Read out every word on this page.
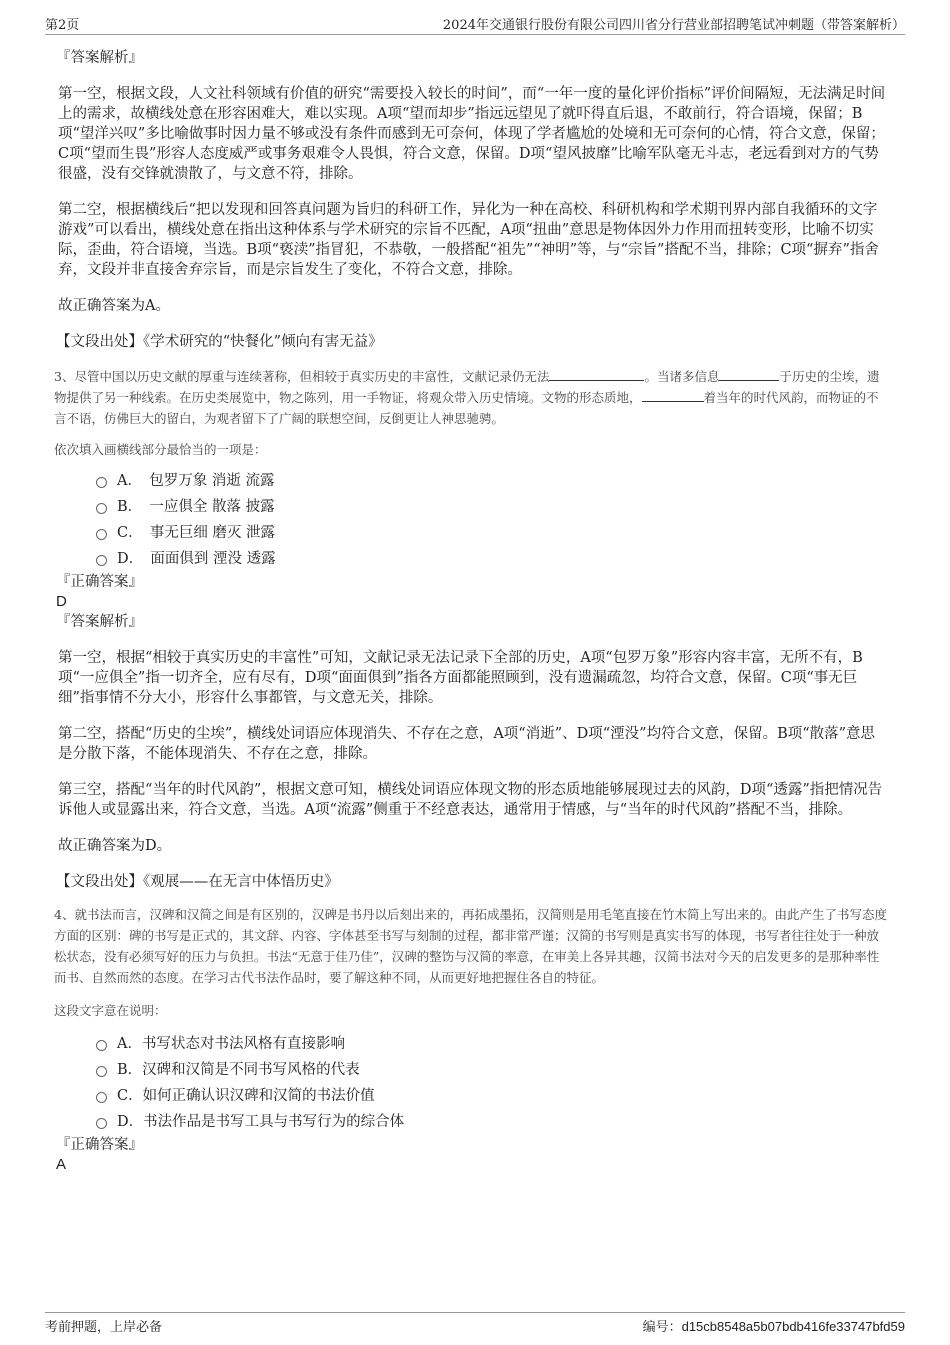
第2页	2024年交通银行股份有限公司四川省分行营业部招聘笔试冲刺题（带答案解析）

『答案解析』

第一空，根据文段，人文社科领域有价值的研究“需要投入较长的时间”，而“一年一度的量化评价指标”评价间隔短，无法满足时间上的需求，故横线处意在形容困难大，难以实现。A项“望而却步”指远远望见了就吓得直后退，不敢前行，符合语境，保留；B项“望洋兴叹”多比喻做事时因力量不够或没有条件而感到无可奈何，体现了学者尴尬的处境和无可奈何的心情，符合文意，保留；C项“望而生畏”形容人态度威严或事务艰难令人畏惧，符合文意，保留。D项“望风披靡”比喻军队毫无斗志，老远看到对方的气势很盛，没有交锋就溃散了，与文意不符，排除。

第二空，根据横线后“把以发现和回答真问题为旨归的科研工作，异化为一种在高校、科研机构和学术期刊界内部自我循环的文字游戏”可以看出，横线处意在指出这种体系与学术研究的宗旨不匹配，A项“扭曲”意思是物体因外力作用而扭转变形，比喻不切实际，歪曲，符合语境，当选。B项“亵渎”指冒犯，不恭敬，一般搭配“祖先”“神明”等，与“宗旨”搭配不当，排除；C项“摒弃”指舍弃，文段并非直接舍弃宗旨，而是宗旨发生了变化，不符合文意，排除。

故正确答案为A。

【文段出处】《学术研究的“快餐化”倾向有害无益》

3、尽管中国以历史文献的厚重与连续著称，但相较于真实历史的丰富性，文献记录仍无法	。当诸多信息	于历史的尘埃，遗物提供了另一种线索。在历史类展览中，物之陈列，用一手物证，将观众带入历史情境。文物的形态质地，	着当年的时代风韵，而物证的不言不语，仿佛巨大的留白，为观者留下了广阔的联想空间，反倒更让人神思驰骋。

依次填入画横线部分最恰当的一项是：

A．　包罗万象 消逝 流露
B．　一应俱全 散落 披露
C．　事无巨细 磨灭 泄露
D．　面面俱到 湮没 透露

『正确答案』

D

『答案解析』

第一空，根据“相较于真实历史的丰富性”可知，文献记录无法记录下全部的历史，A项“包罗万象”形容内容丰富，无所不有，B项“一应俱全”指一切齐全，应有尽有，D项“面面俱到”指各方面都能照顾到，没有遗漏疏忽，均符合文意，保留。C项“事无巨细”指事情不分大小，形容什么事都管，与文意无关，排除。

第二空，搭配“历史的尘埃”，横线处词语应体现消失、不存在之意，A项“消逝”、D项“湮没”均符合文意，保留。B项“散落”意思是分散下落，不能体现消失、不存在之意，排除。

第三空，搭配“当年的时代风韵”，根据文意可知，横线处词语应体现文物的形态质地能够展现过去的风韵，D项“透露”指把情况告诉他人或显露出来，符合文意，当选。A项“流露”侧重于不经意表达，通常用于情感，与“当年的时代风韵”搭配不当，排除。

故正确答案为D。

【文段出处】《观展——在无言中体悟历史》

4、就书法而言，汉碑和汉简之间是有区别的，汉碑是书丹以后刻出来的，再拓成墨拓，汉简则是用毛笔直接在竹木简上写出来的。由此产生了书写态度方面的区别：碑的书写是正式的，其文辞、内容、字体甚至书写与刻制的过程，都非常严谨；汉简的书写则是真实书写的体现，书写者往往处于一种放松状态，没有必须写好的压力与负担。书法“无意于佳乃佳”，汉碑的整饬与汉简的率意，在审美上各异其趣，汉简书法对今天的启发更多的是那种率性而书、自然而然的态度。在学习古代书法作品时，要了解这种不同，从而更好地把握住各自的特征。

这段文字意在说明：

A．书写状态对书法风格有直接影响
B．汉碑和汉简是不同书写风格的代表
C．如何正确认识汉碑和汉简的书法价值
D．书法作品是书写工具与书写行为的综合体

『正确答案』

A

考前押题，上岸必备	编号：d15cb8548a5b07bdb416fe33747bfd59
